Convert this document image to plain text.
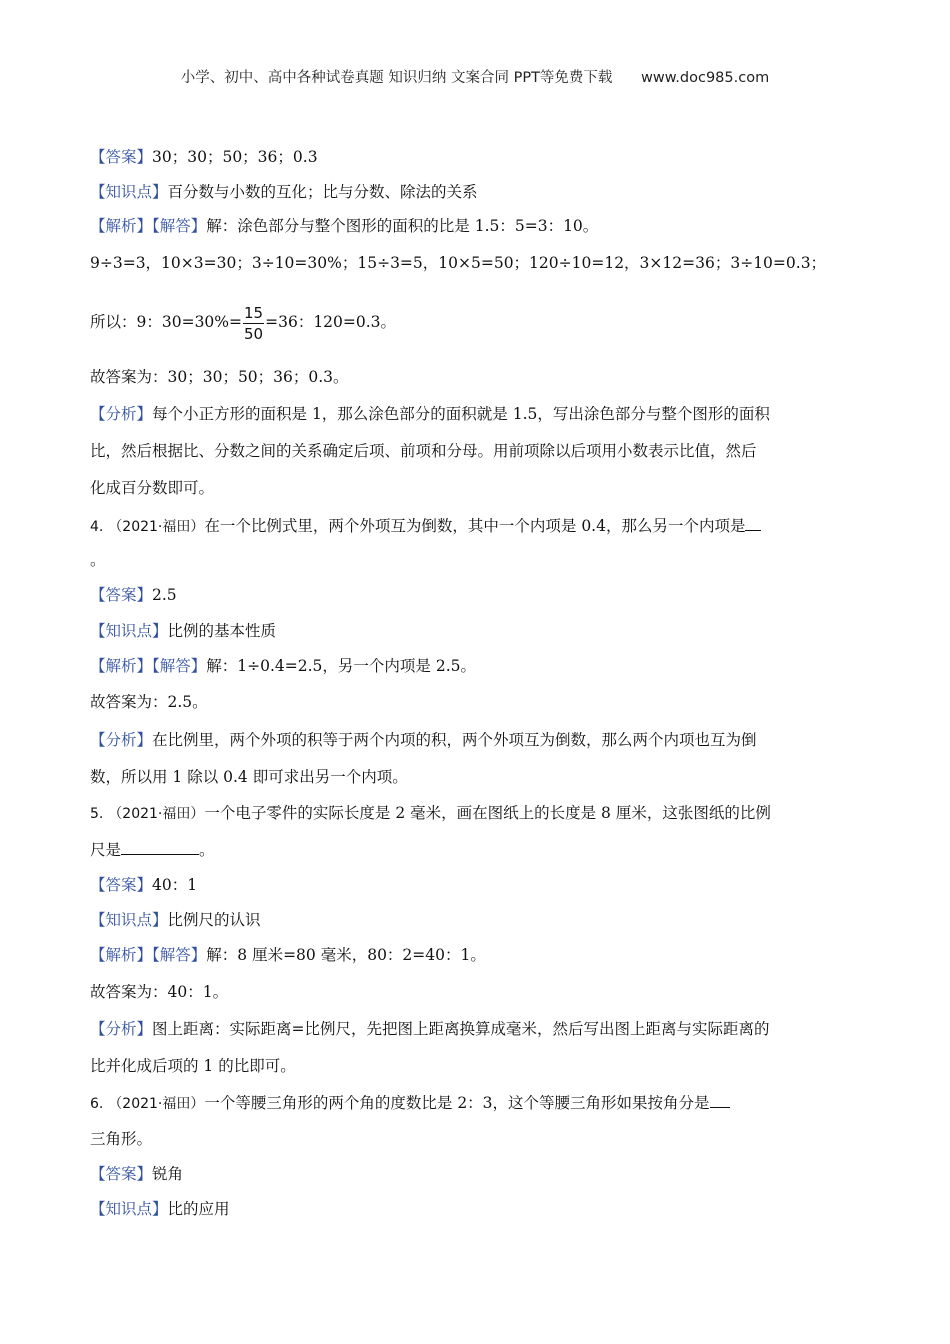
小学、初中、高中各种试卷真题 知识归纳 文案合同 PPT等免费下载 www.doc985.com
【答案】30；30；50；36；0.3
【知识点】百分数与小数的互化；比与分数、除法的关系
【解析】【解答】解：涂色部分与整个图形的面积的比是 1.5：5=3：10。
9÷3=3，10×3=30；3÷10=30%；15÷3=5，10×5=50；120÷10=12，3×12=36；3÷10=0.3；
所以：9：$30=30\%= \frac{15}{50} =36$：120=0.3。
故答案为：30；30；50；36；0.3。
【分析】每个小正方形的面积是 1，那么涂色部分的面积就是 1.5，写出涂色部分与整个图形的面积
比，然后根据比、分数之间的关系确定后项、前项和分母。用前项除以后项用小数表示比值，然后
化成百分数即可。
4. （2021·福田）在一个比例式里，两个外项互为倒数，其中一个内项是 0.4，那么另一个内项是
。
【答案】2.5
【知识点】比例的基本性质
【解析】【解答】解：1÷0.4=2.5，另一个内项是 2.5。
故答案为：2.5。
【分析】在比例里，两个外项的积等于两个内项的积，两个外项互为倒数，那么两个内项也互为倒
数，所以用 1 除以 0.4 即可求出另一个内项。
5. （2021·福田）一个电子零件的实际长度是 2 毫米，画在图纸上的长度是 8 厘米，这张图纸的比例
尺是	。
【答案】40：1
【知识点】比例尺的认识
【解析】【解答】解：8 厘米=80 毫米，80：2=40：1。
故答案为：40：1。
【分析】图上距离：实际距离=比例尺，先把图上距离换算成毫米，然后写出图上距离与实际距离的
比并化成后项的 1 的比即可。
6. （2021·福田）一个等腰三角形的两个角的度数比是 2：3，这个等腰三角形如果按角分是
三角形。
【答案】锐角
【知识点】比的应用
